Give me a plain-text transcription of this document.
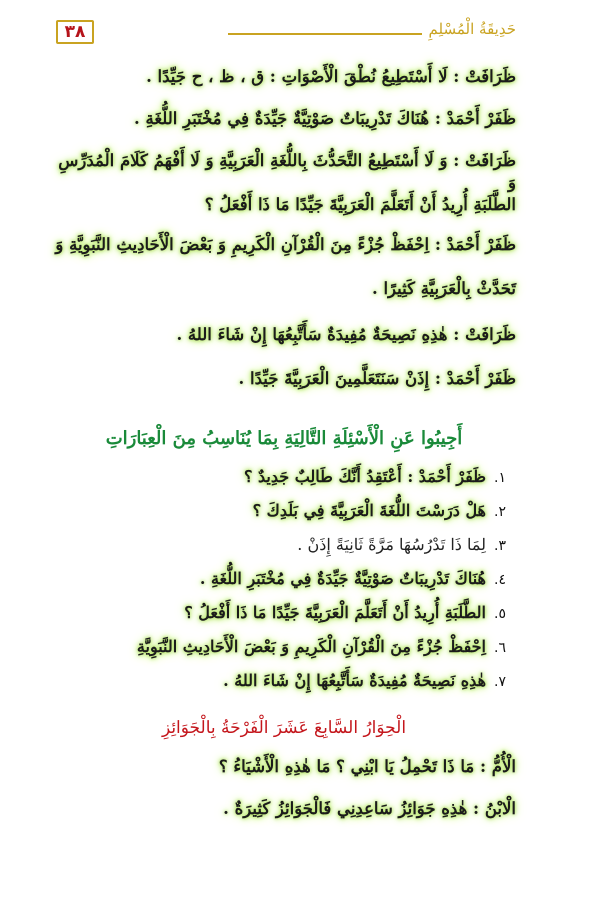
٣٨	حَدِيقَةُ الْمُسْلِمِ

ظَرَافَتْ : لَا أَسْتَطِيعُ نُطْقَ الْأَصْوَاتِ : ق ، ظ ، ح جَيِّدًا .

ظَفَرْ أَحْمَدْ : هُنَاكَ تَدْرِيبَاتٌ صَوْتِيَّةٌ جَيِّدَةٌ فِي مُخْتَبَرِ اللُّغَةِ .

ظَرَافَتْ : وَ لَا أَسْتَطِيعُ التَّحَدُّثَ بِاللُّغَةِ الْعَرَبِيَّةِ وَ لَا أَفْهَمُ كَلَامَ الْمُدَرِّسِ وَ

الطَّلَبَةِ أُرِيدُ أَنْ أَتَعَلَّمَ الْعَرَبِيَّةَ جَيِّدًا مَا ذَا أَفْعَلُ ؟

ظَفَرْ أَحْمَدْ : اِحْفَظْ جُزْءً مِنَ الْقُرْآنِ الْكَرِيمِ وَ بَعْضَ الْأَحَادِيثِ النَّبَوِيَّةِ وَ

تَحَدَّثْ بِالْعَرَبِيَّةِ كَثِيرًا .

ظَرَافَتْ : هٰذِهِ نَصِيحَةٌ مُفِيدَةٌ سَأَتَّبِعُهَا إِنْ شَاءَ اللهُ .

ظَفَرْ أَحْمَدْ : إِذَنْ سَنَتَعَلَّمِينَ الْعَرَبِيَّةَ جَيِّدًا .

أَجِيبُوا عَنِ الْأَسْئِلَةِ التَّالِيَةِ بِمَا يُنَاسِبُ مِنَ الْعِبَارَاتِ
١.
ظَفَرْ أَحْمَدْ : أَعْتَقِدُ أَنَّكَ طَالِبٌ جَدِيدٌ ؟
٢.
هَلْ دَرَسْتَ اللُّغَةَ الْعَرَبِيَّةَ فِي بَلَدِكَ ؟
٣.
لِمَا ذَا تَدْرُسُهَا مَرَّةً ثَانِيَةً إِذَنْ .
٤.
هُنَاكَ تَدْرِيبَاتٌ صَوْتِيَّةٌ جَيِّدَةٌ فِي مُخْتَبَرِ اللُّغَةِ .
٥.
الطَّلَبَةِ أُرِيدُ أَنْ أَتَعَلَّمَ الْعَرَبِيَّةَ جَيِّدًا مَا ذَا أَفْعَلُ ؟
٦.
اِحْفَظْ جُزْءً مِنَ الْقُرْآنِ الْكَرِيمِ وَ بَعْضَ الْأَحَادِيثِ النَّبَوِيَّةِ
٧.
هٰذِهِ نَصِيحَةٌ مُفِيدَةٌ سَأَتَّبِعُهَا إِنْ شَاءَ اللهُ .
الْحِوَارُ السَّابِعَ عَشَرَ الْفَرْحَةُ بِالْجَوَائِزِ

الْأُمُّ : مَا ذَا تَحْمِلُ يَا ابْنِي ؟ مَا هٰذِهِ الْأَشْيَاءُ ؟

الْابْنُ : هٰذِهِ جَوَائِزُ سَاعِدِنِي فَالْجَوَائِزُ كَثِيرَةٌ .
